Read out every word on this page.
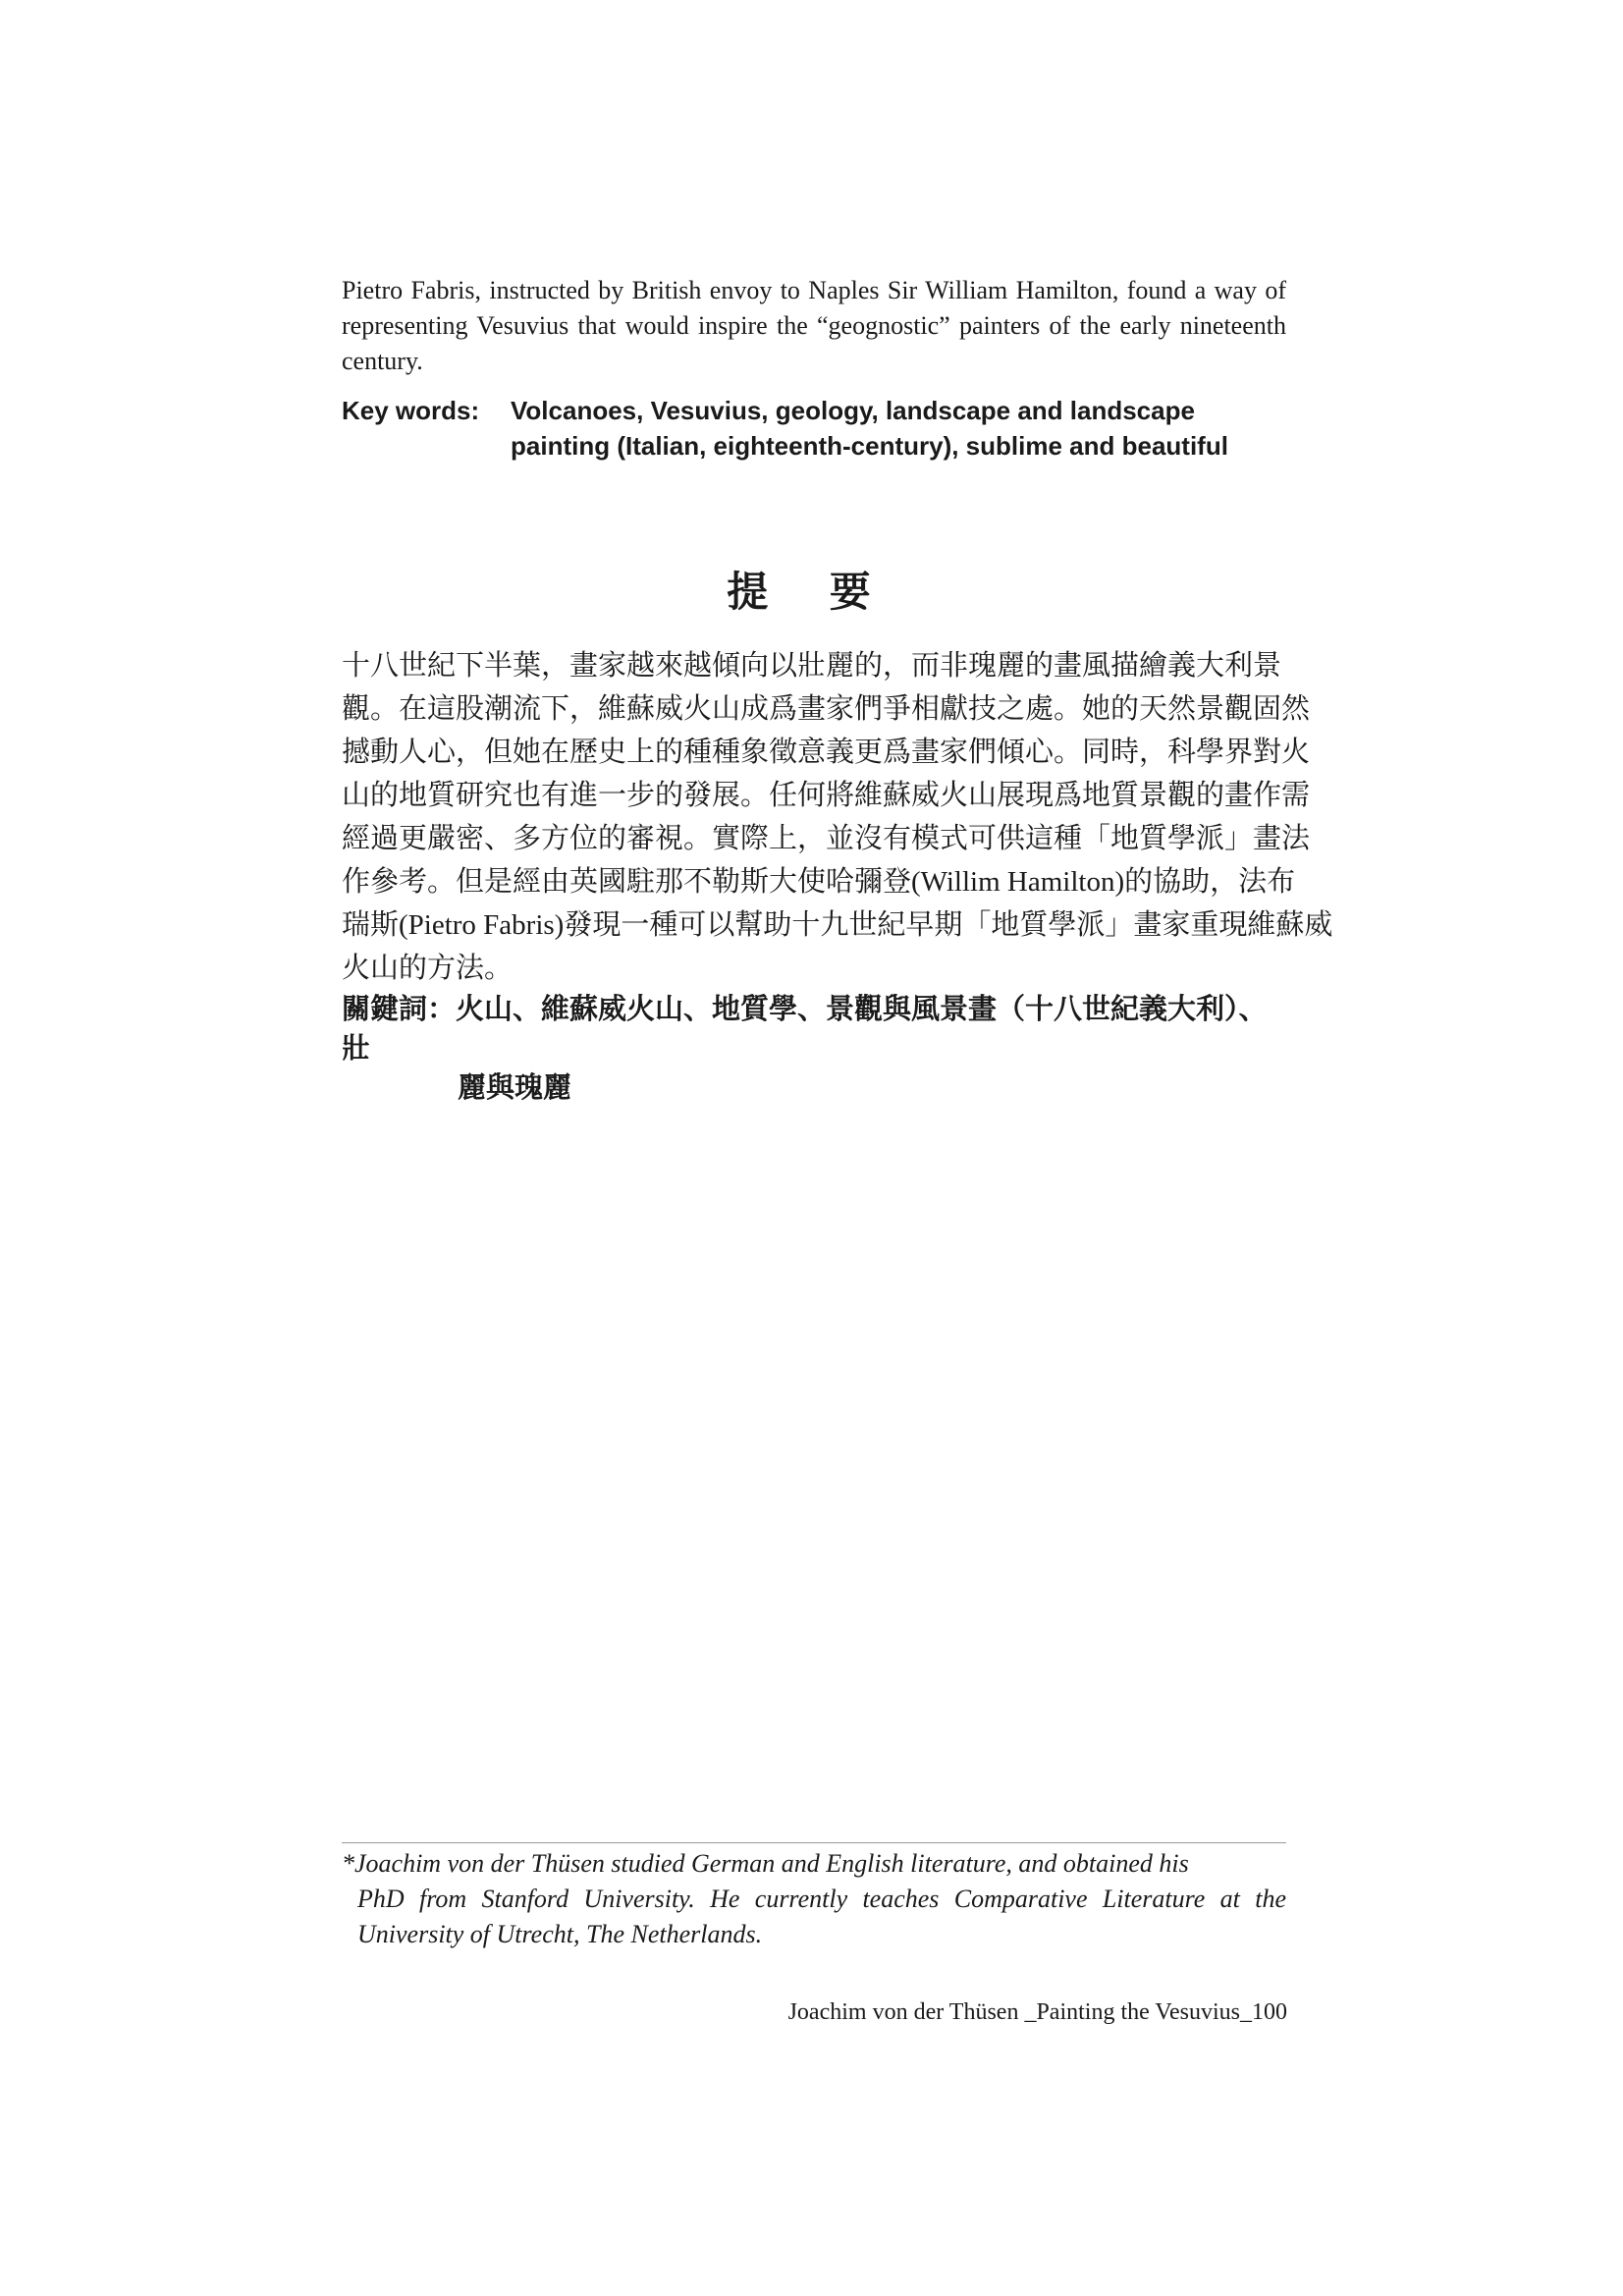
Pietro Fabris, instructed by British envoy to Naples Sir William Hamilton, found a way of representing Vesuvius that would inspire the “geognostic” painters of the early nineteenth century.

Key words: Volcanoes, Vesuvius, geology, landscape and landscape
painting (Italian, eighteenth-century), sublime and beautiful

提 要

十八世紀下半葉，畫家越來越傾向以壯麗的，而非瑰麗的畫風描繪義大利景
觀。在這股潮流下，維蘇威火山成爲畫家們爭相獻技之處。她的天然景觀固然
撼動人心，但她在歷史上的種種象徵意義更爲畫家們傾心。同時，科學界對火
山的地質研究也有進一步的發展。任何將維蘇威火山展現爲地質景觀的畫作需
經過更嚴密、多方位的審視。實際上，並沒有模式可供這種「地質學派」畫法
作參考。但是經由英國駐那不勒斯大使哈彌登(Willim Hamilton)的協助，法布
瑞斯(Pietro Fabris)發現一種可以幫助十九世紀早期「地質學派」畫家重現維蘇威
火山的方法。

關鍵詞：火山、維蘇威火山、地質學、景觀與風景畫（十八世紀義大利）、壯
麗與瑰麗

*Joachim von der Thüsen studied German and English literature, and obtained his
PhD from Stanford University. He currently teaches Comparative Literature at the University of Utrecht, The Netherlands.

Joachim von der Thüsen _Painting the Vesuvius_100
